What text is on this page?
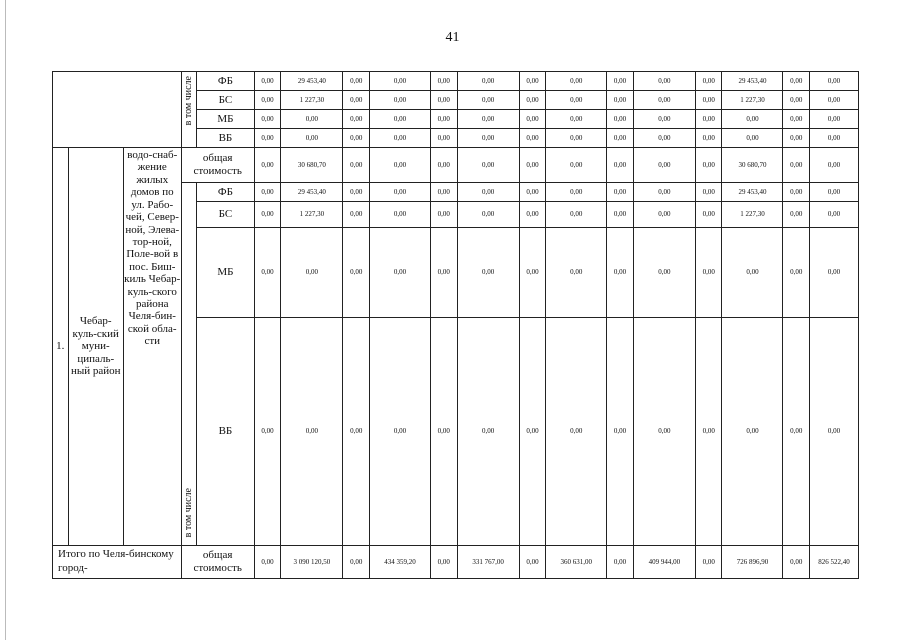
41
			в том числе	ФБ	0,00	29 453,40	0,00	0,00	0,00	0,00	0,00	0,00	0,00	0,00	0,00	29 453,40	0,00	0,00
				БС	0,00	1 227,30	0,00	0,00	0,00	0,00	0,00	0,00	0,00	0,00	0,00	1 227,30	0,00	0,00
				МБ	0,00	0,00	0,00	0,00	0,00	0,00	0,00	0,00	0,00	0,00	0,00	0,00	0,00	0,00
				ВБ	0,00	0,00	0,00	0,00	0,00	0,00	0,00	0,00	0,00	0,00	0,00	0,00	0,00	0,00
1.	Чебар-куль-ский муни-ципаль-ный район	водо-снаб-жение жилых домов по ул. Рабо-чей, Север-ной, Элева-тор-ной, Поле-вой в пос. Биш-киль Чебар-куль-ского района Челя-бин-ской обла-сти	общая стоимость		0,00	30 680,70	0,00	0,00	0,00	0,00	0,00	0,00	0,00	0,00	0,00	30 680,70	0,00	0,00
			в том числе	ФБ	0,00	29 453,40	0,00	0,00	0,00	0,00	0,00	0,00	0,00	0,00	0,00	29 453,40	0,00	0,00
				БС	0,00	1 227,30	0,00	0,00	0,00	0,00	0,00	0,00	0,00	0,00	0,00	1 227,30	0,00	0,00
				МБ	0,00	0,00	0,00	0,00	0,00	0,00	0,00	0,00	0,00	0,00	0,00	0,00	0,00	0,00
				ВБ	0,00	0,00	0,00	0,00	0,00	0,00	0,00	0,00	0,00	0,00	0,00	0,00	0,00	0,00
Итого по Челя-бинскому город-			общая стоимость		0,00	3 090 120,50	0,00	434 359,20	0,00	331 767,00	0,00	360 631,00	0,00	409 944,00	0,00	726 896,90	0,00	826 522,40
